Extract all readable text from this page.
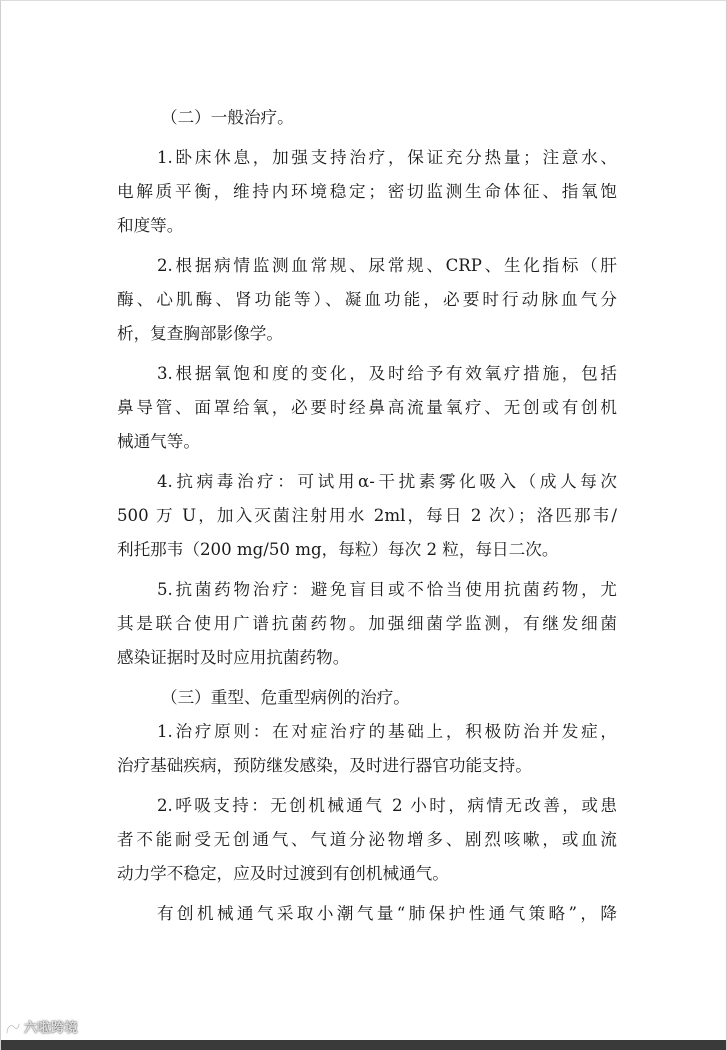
（二）一般治疗。
1.卧床休息，加强支持治疗，保证充分热量；注意水、
电解质平衡，维持内环境稳定；密切监测生命体征、指氧饱
和度等。
2.根据病情监测血常规、尿常规、CRP、生化指标（肝
酶、心肌酶、肾功能等）、凝血功能，必要时行动脉血气分
析，复查胸部影像学。
3.根据氧饱和度的变化，及时给予有效氧疗措施，包括
鼻导管、面罩给氧，必要时经鼻高流量氧疗、无创或有创机
械通气等。
4.抗病毒治疗：可试用α-干扰素雾化吸入（成人每次
500 万 U，加入灭菌注射用水 2ml，每日 2 次）；洛匹那韦/
利托那韦（200 mg/50 mg，每粒）每次 2 粒，每日二次。
5.抗菌药物治疗：避免盲目或不恰当使用抗菌药物，尤
其是联合使用广谱抗菌药物。加强细菌学监测，有继发细菌
感染证据时及时应用抗菌药物。
（三）重型、危重型病例的治疗。
1.治疗原则：在对症治疗的基础上，积极防治并发症，
治疗基础疾病，预防继发感染，及时进行器官功能支持。
2.呼吸支持：无创机械通气 2 小时，病情无改善，或患
者不能耐受无创通气、气道分泌物增多、剧烈咳嗽，或血流
动力学不稳定，应及时过渡到有创机械通气。
有创机械通气采取小潮气量“肺保护性通气策略”，降
六啦跨境
